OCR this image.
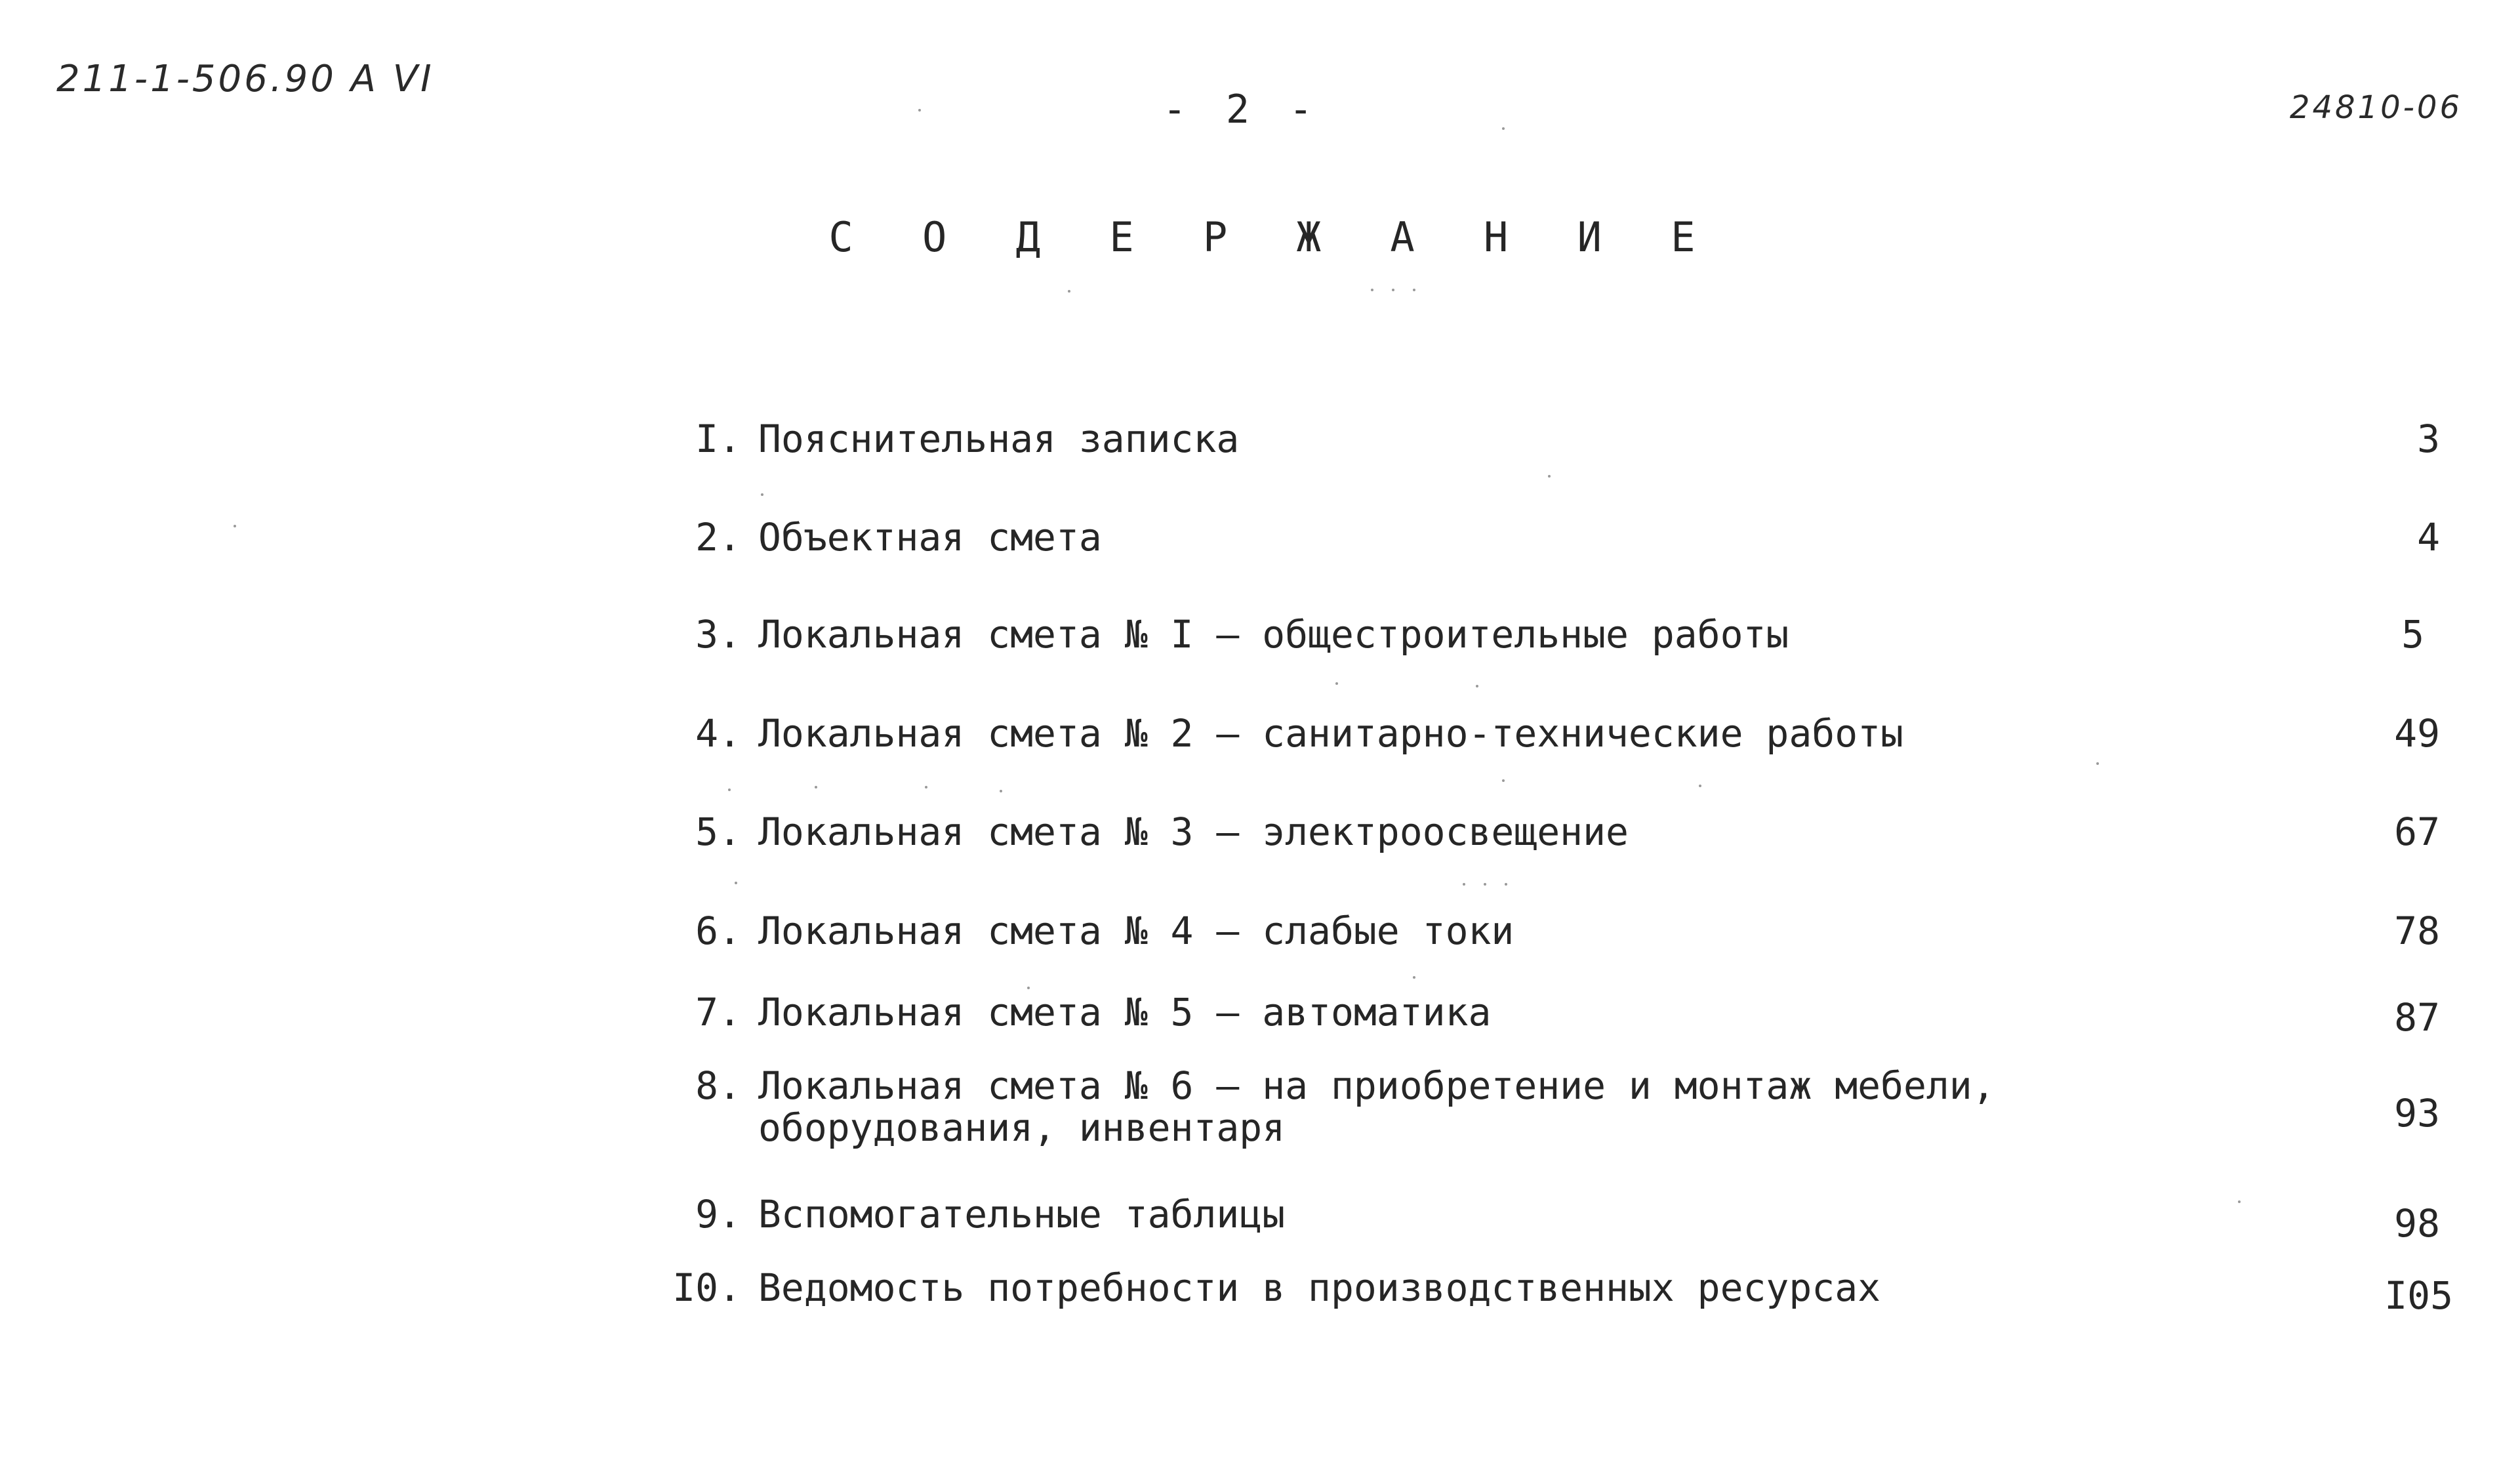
211-1-506.90 А VI
- 2 -	24810-06
С О Д Е Р Ж А Н И Е
I. Пояснительная записка	3
2. Объектная смета	4
3. Локальная смета № I – общестроительные работы	5
4. Локальная смета № 2 – санитарно-технические работы	49
5. Локальная смета № 3 – электроосвещение	67
6. Локальная смета № 4 – слабые токи	78
7. Локальная смета № 5 – автоматика	87
8. Локальная смета № 6 – на приобретение и монтаж мебели,
оборудования, инвентаря	93
9. Вспомогательные таблицы	98
I0. Ведомость потребности в производственных ресурсах	I05
